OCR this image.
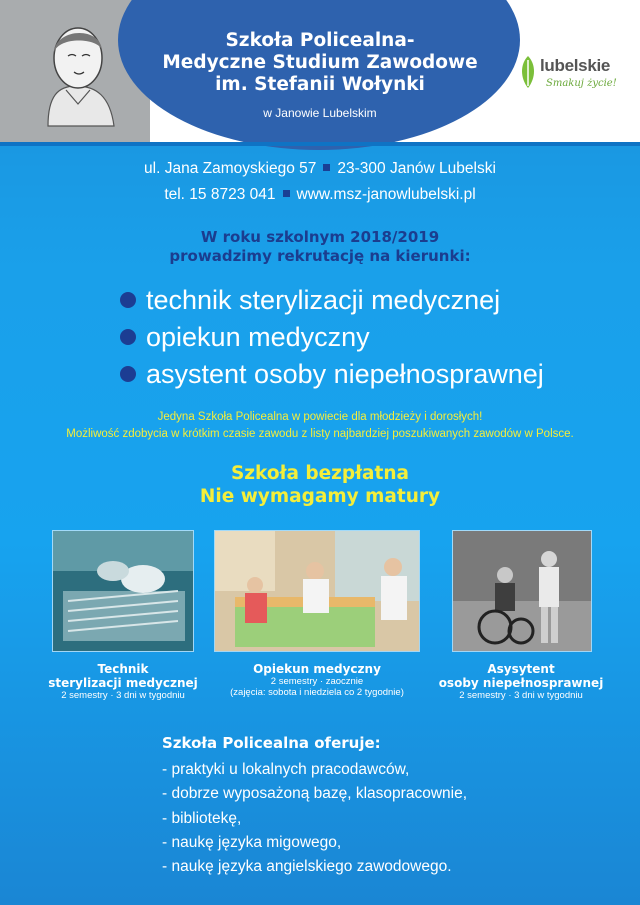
Szkoła Policealna-
Medyczne Studium Zawodowe
im. Stefanii Wołynki
w Janowie Lubelskim
lubelskie
Smakuj życie!
ul. Jana Zamoyskiego 57 23-300 Janów Lubelski
tel. 15 8723 041 www.msz-janowlubelski.pl
W roku szkolnym 2018/2019
prowadzimy rekrutację na kierunki:
technik sterylizacji medycznej
opiekun medyczny
asystent osoby niepełnosprawnej
Jedyna Szkoła Policealna w powiecie dla młodzieży i dorosłych!
Możliwość zdobycia w krótkim czasie zawodu z listy najbardziej poszukiwanych zawodów w Polsce.
Szkoła bezpłatna
Nie wymagamy matury
Technik
sterylizacji medycznej
2 semestry · 3 dni w tygodniu
Opiekun medyczny
2 semestry · zaocznie
(zajęcia: sobota i niedziela co 2 tygodnie)
Asysytent
osoby niepełnosprawnej
2 semestry · 3 dni w tygodniu
Szkoła Policealna oferuje:
- praktyki u lokalnych pracodawców,
- dobrze wyposażoną bazę, klasopracownie,
- bibliotekę,
- naukę języka migowego,
- naukę języka angielskiego zawodowego.
